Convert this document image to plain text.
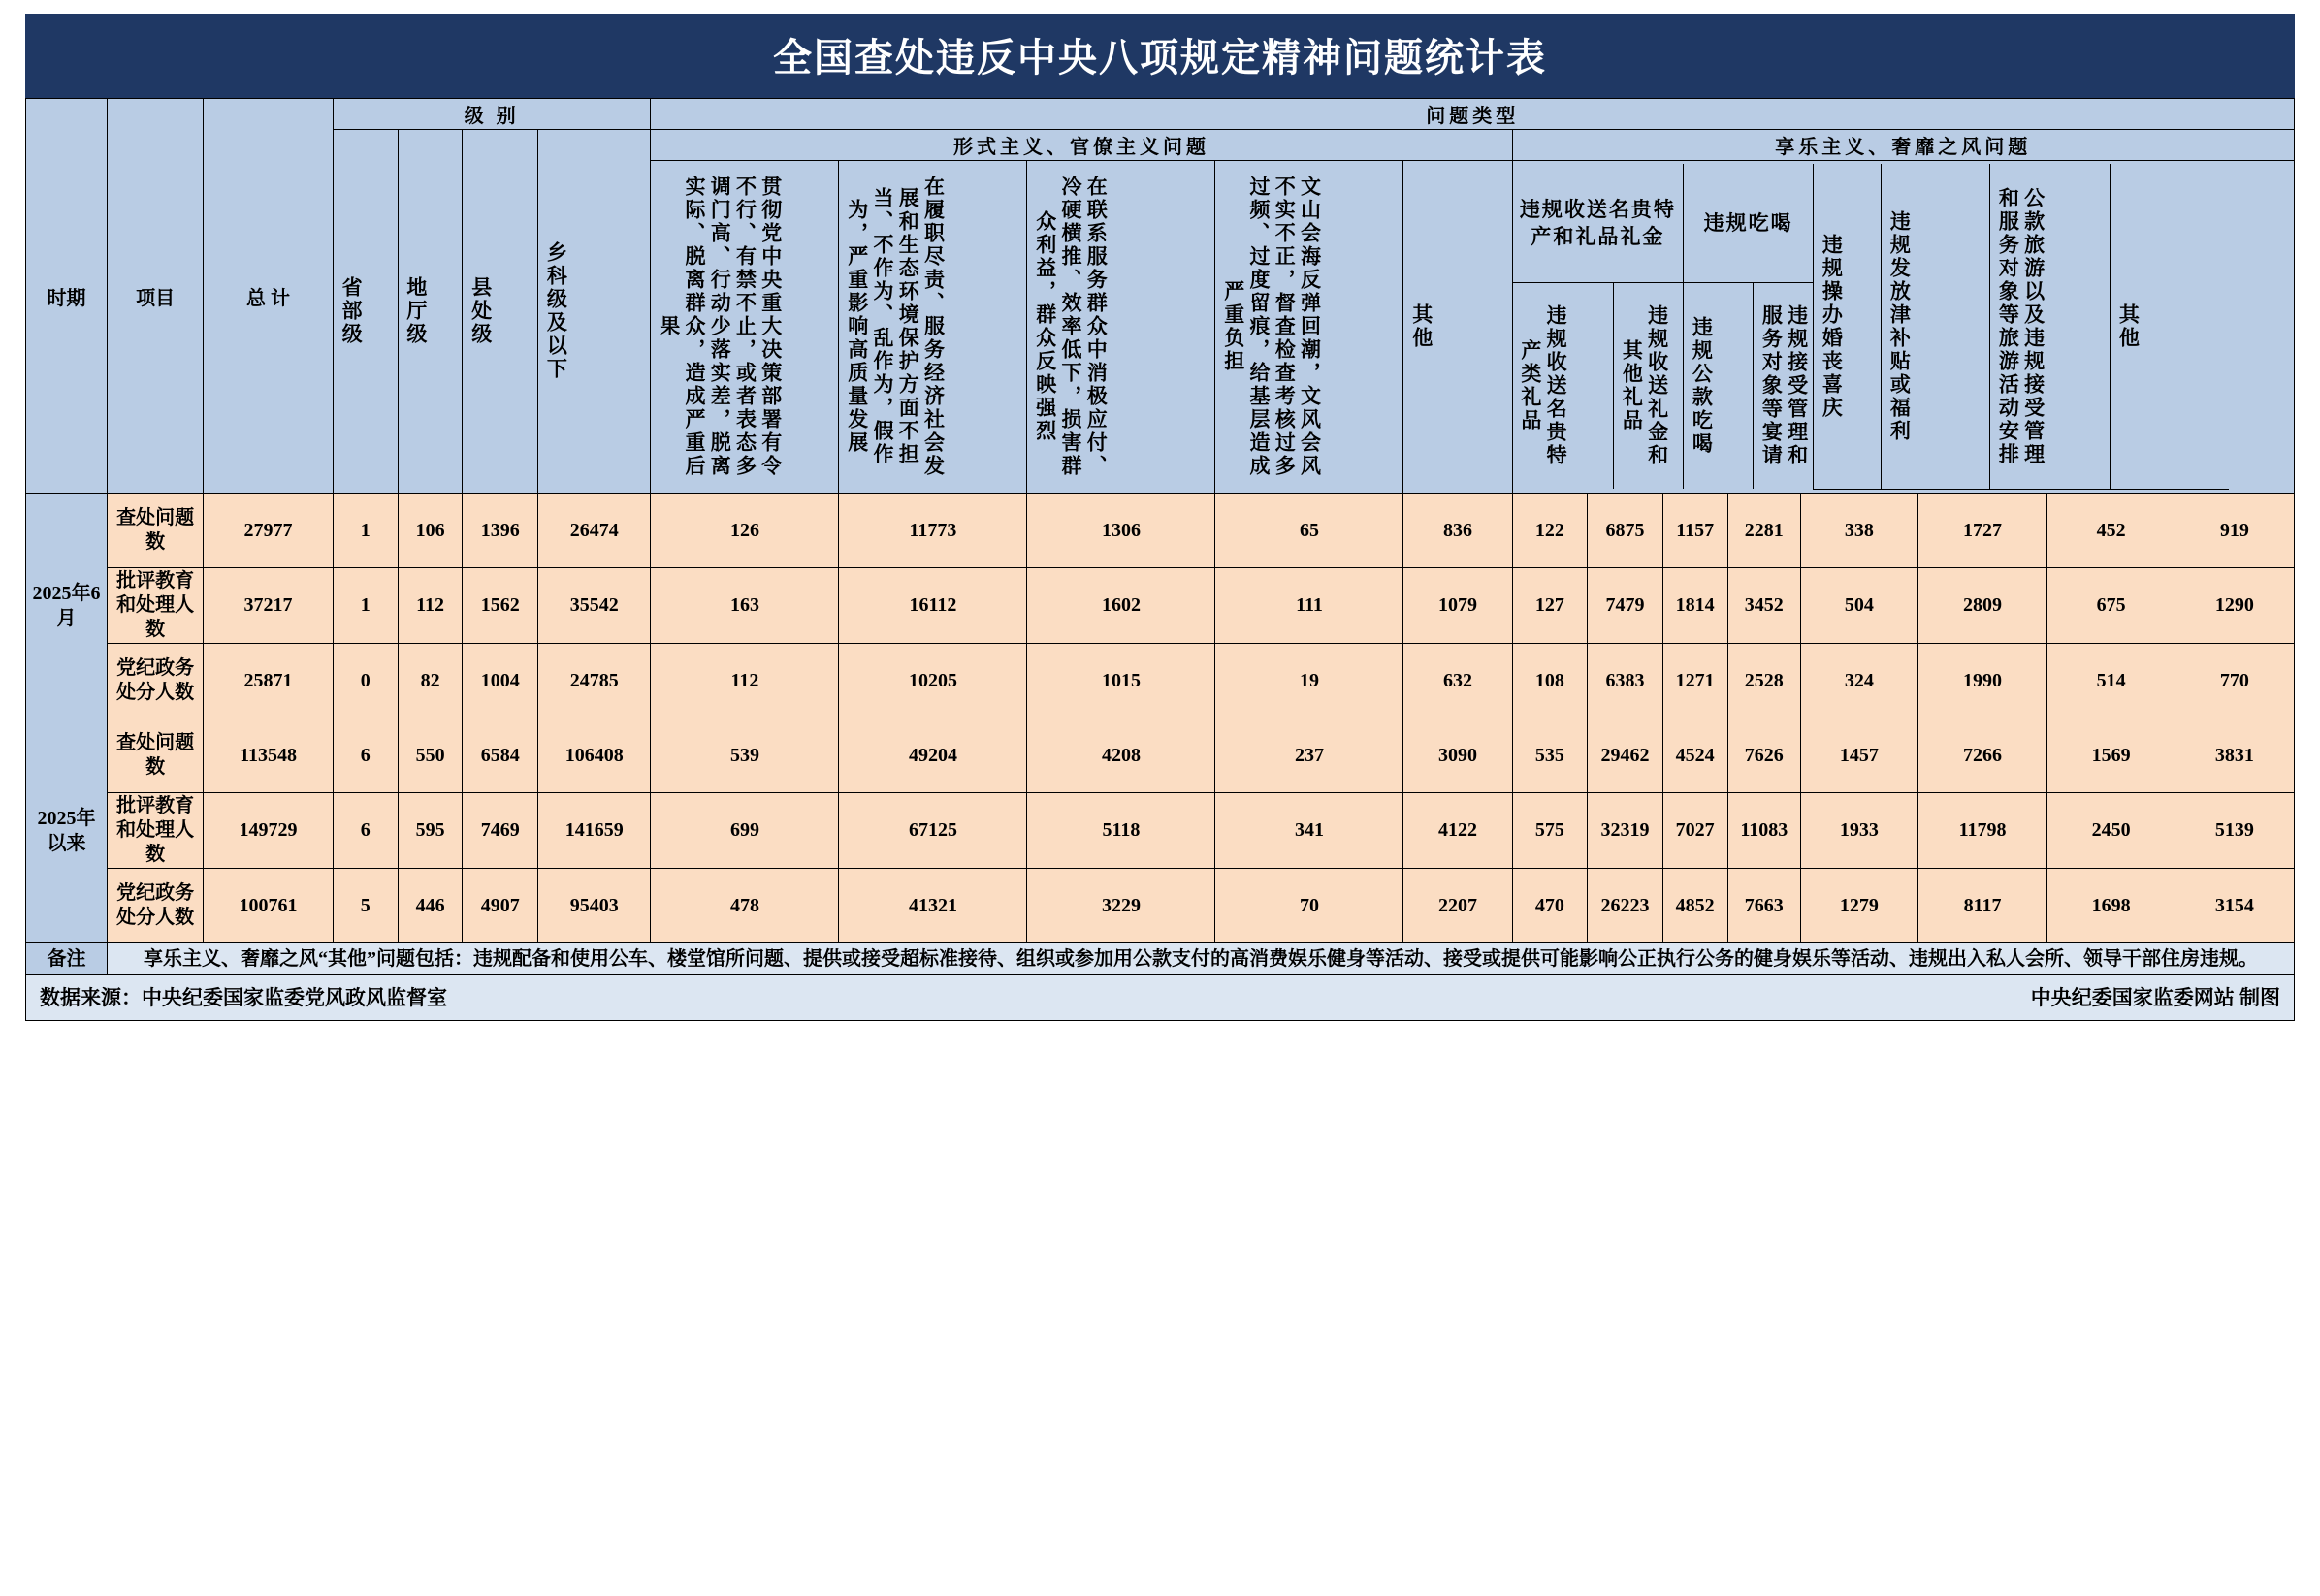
全国查处违反中央八项规定精神问题统计表
时期	项目	总 计	级 别	问题类型

省部级	地厅级	县处级	乡科级及以下
	形式主义、官僚主义问题	享乐主义、奢靡之风问题

贯彻党中央重大决策部署有令不行、有禁不止，或者表态多调门高、行动少落实差，脱离实际、脱离群众，造成严重后果	在履职尽责、服务经济社会发展和生态环境保护方面不担当、不作为、乱作为，假作为，严重影响高质量发展	在联系服务群众中消极应付、冷硬横推、效率低下，损害群众利益，群众反映强烈	文山会海反弹回潮，文风会风不实不正，督查检查考核过多过频、过度留痕，给基层造成严重负担	其他

违规收送名贵特产和礼品礼金

违规吃喝

违规操办婚丧喜庆	违规发放津补贴或福利	公款旅游以及违规接受管理和服务对象等旅游活动安排	其他

违规收送名贵特产类礼品	违规收送礼金和其他礼品	违规公款吃喝	违规接受管理和服务对象等宴请

2025年6月	查处问题数	27977	1	106	1396	26474	126	11773	1306	65	836	122	6875	1157	2281	338	1727	452	919
批评教育和处理人数	37217	1	112	1562	35542	163	16112	1602	111	1079	127	7479	1814	3452	504	2809	675	1290
党纪政务处分人数	25871	0	82	1004	24785	112	10205	1015	19	632	108	6383	1271	2528	324	1990	514	770
2025年以来	查处问题数	113548	6	550	6584	106408	539	49204	4208	237	3090	535	29462	4524	7626	1457	7266	1569	3831
批评教育和处理人数	149729	6	595	7469	141659	699	67125	5118	341	4122	575	32319	7027	11083	1933	11798	2450	5139
党纪政务处分人数	100761	5	446	4907	95403	478	41321	3229	70	2207	470	26223	4852	7663	1279	8117	1698	3154
备注	享乐主义、奢靡之风“其他”问题包括：违规配备和使用公车、楼堂馆所问题、提供或接受超标准接待、组织或参加用公款支付的高消费娱乐健身等活动、接受或提供可能影响公正执行公务的健身娱乐等活动、违规出入私人会所、领导干部住房违规。
数据来源：中央纪委国家监委党风政风监督室	中央纪委国家监委网站 制图
